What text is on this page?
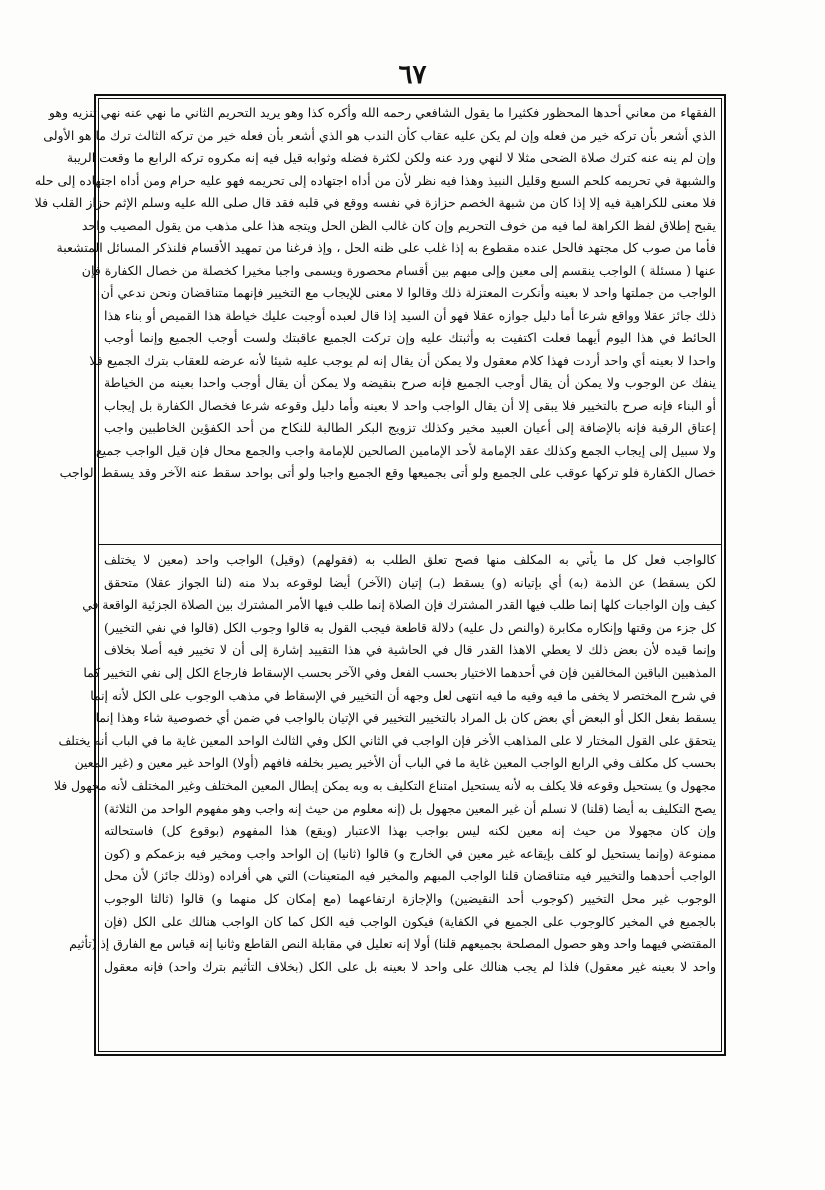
٦٧
الفقهاء من معاني أحدها المحظور فكثيرا ما يقول الشافعي رحمه الله وأكره كذا وهو يريد التحريم الثاني ما نهي عنه نهي تنزيه وهو
الذي أشعر بأن تركه خير من فعله وإن لم يكن عليه عقاب كأن الندب هو الذي أشعر بأن فعله خير من تركه الثالث ترك ما هو الأولى
وإن لم ينه عنه كترك صلاة الضحى مثلا لا لنهي ورد عنه ولكن لكثرة فضله وثوابه قيل فيه إنه مكروه تركه الرابع ما وقعت الريبة
والشبهة في تحريمه كلحم السبع وقليل النبيذ وهذا فيه نظر لأن من أداه اجتهاده إلى تحريمه فهو عليه حرام ومن أداه اجتهاده إلى حله
فلا معنى للكراهية فيه إلا إذا كان من شبهة الخصم حزازة في نفسه ووقع في قلبه فقد قال صلى الله عليه وسلم الإثم حزاز القلب فلا
يقبح إطلاق لفظ الكراهة لما فيه من خوف التحريم وإن كان غالب الظن الحل ويتجه هذا على مذهب من يقول المصيب واحد
فأما من صوب كل مجتهد فالحل عنده مقطوع به إذا غلب على ظنه الحل ، وإذ فرغنا من تمهيد الأقسام فلنذكر المسائل المتشعبة
عنها ( مسئلة ) الواجب ينقسم إلى معين وإلى مبهم بين أقسام محصورة ويسمى واجبا مخيرا كخصلة من خصال الكفارة فإن
الواجب من جملتها واحد لا بعينه وأنكرت المعتزلة ذلك وقالوا لا معنى للإيجاب مع التخيير فإنهما متناقضان ونحن ندعي أن
ذلك جائز عقلا وواقع شرعا أما دليل جوازه عقلا فهو أن السيد إذا قال لعبده أوجبت عليك خياطة هذا القميص أو بناء هذا
الحائط في هذا اليوم أيهما فعلت اكتفيت به وأثبتك عليه وإن تركت الجميع عاقبتك ولست أوجب الجميع وإنما أوجب
واحدا لا بعينه أي واحد أردت فهذا كلام معقول ولا يمكن أن يقال إنه لم يوجب عليه شيئا لأنه عرضه للعقاب بترك الجميع فلا
ينفك عن الوجوب ولا يمكن أن يقال أوجب الجميع فإنه صرح بنقيضه ولا يمكن أن يقال أوجب واحدا بعينه من الخياطة
أو البناء فإنه صرح بالتخيير فلا يبقى إلا أن يقال الواجب واحد لا بعينه وأما دليل وقوعه شرعا فخصال الكفارة بل إيجاب
إعتاق الرقبة فإنه بالإضافة إلى أعيان العبيد مخير وكذلك تزويج البكر الطالبة للنكاح من أحد الكفؤين الخاطبين واجب
ولا سبيل إلى إيجاب الجمع وكذلك عقد الإمامة لأحد الإمامين الصالحين للإمامة واجب والجمع محال فإن قيل الواجب جميع
خصال الكفارة فلو تركها عوقب على الجميع ولو أتى بجميعها وقع الجميع واجبا ولو أتى بواحد سقط عنه الآخر وقد يسقط الواجب
كالواجب فعل كل ما يأتي به المكلف منها فصح تعلق الطلب به (فقولهم) (وقيل) الواجب واحد (معين لا يختلف
لكن يسقط) عن الذمة (به) أي بإتيانه (و) يسقط (بـ) إتيان (الآخر) أيضا لوقوعه بدلا منه (لنا الجواز عقلا) متحقق
كيف وإن الواجبات كلها إنما طلب فيها القدر المشترك فإن الصلاة إنما طلب فيها الأمر المشترك بين الصلاة الجزئية الواقعة في
كل جزء من وقتها وإنكاره مكابرة (والنص دل عليه) دلالة قاطعة فيجب القول به قالوا وجوب الكل (قالوا في نفي التخيير)
وإنما قيده لأن بعض ذلك لا يعطي الاهذا القدر قال في الحاشية في هذا التقييد إشارة إلى أن لا تخيير فيه أصلا بخلاف
المذهبين الباقين المخالفين فإن في أحدهما الاختيار بحسب الفعل وفي الآخر بحسب الإسقاط فارجاع الكل إلى نفي التخيير كما
في شرح المختصر لا يخفى ما فيه وفيه ما فيه انتهى لعل وجهه أن التخيير في الإسقاط في مذهب الوجوب على الكل لأنه إنما
يسقط بفعل الكل أو البعض أي بعض كان بل المراد بالتخيير التخيير في الإتيان بالواجب في ضمن أي خصوصية شاء وهذا إنما
يتحقق على القول المختار لا على المذاهب الأخر فإن الواجب في الثاني الكل وفي الثالث الواحد المعين غاية ما في الباب أنه يختلف
بحسب كل مكلف وفي الرابع الواجب المعين غاية ما في الباب أن الأخير يصير بخلفه فافهم (أولا) الواحد غير معين و (غير المعين
مجهول و) يستحيل وقوعه فلا يكلف به لأنه يستحيل امتناع التكليف به وبه يمكن إبطال المعين المختلف وغير المختلف لأنه مجهول فلا
يصح التكليف به أيضا (قلنا) لا نسلم أن غير المعين مجهول بل (إنه معلوم من حيث إنه واجب وهو مفهوم الواحد من الثلاثة)
وإن كان مجهولا من حيث إنه معين لكنه ليس بواجب بهذا الاعتبار (ويقع) هذا المفهوم (بوقوع كل) فاستحالته
ممنوعة (وإنما يستحيل لو كلف بإيقاعه غير معين في الخارج و) قالوا (ثانيا) إن الواحد واجب ومخير فيه بزعمكم و (كون
الواجب أحدهما والتخيير فيه متناقضان قلنا الواجب المبهم والمخير فيه المتعينات) التي هي أفراده (وذلك جائز) لأن محل
الوجوب غير محل التخيير (كوجوب أحد النقيضين) والإجازة ارتفاعهما (مع إمكان كل منهما و) قالوا (ثالثا الوجوب
بالجميع في المخير كالوجوب على الجميع في الكفاية) فيكون الواجب فيه الكل كما كان الواجب هنالك على الكل (فإن
المقتضي فيهما واحد وهو حصول المصلحة بجميعهم قلنا) أولا إنه تعليل في مقابلة النص القاطع وثانيا إنه قياس مع الفارق إذ (تأثيم
واحد لا بعينه غير معقول) فلذا لم يجب هنالك على واحد لا بعينه بل على الكل (بخلاف التأثيم بترك واحد) فإنه معقول
